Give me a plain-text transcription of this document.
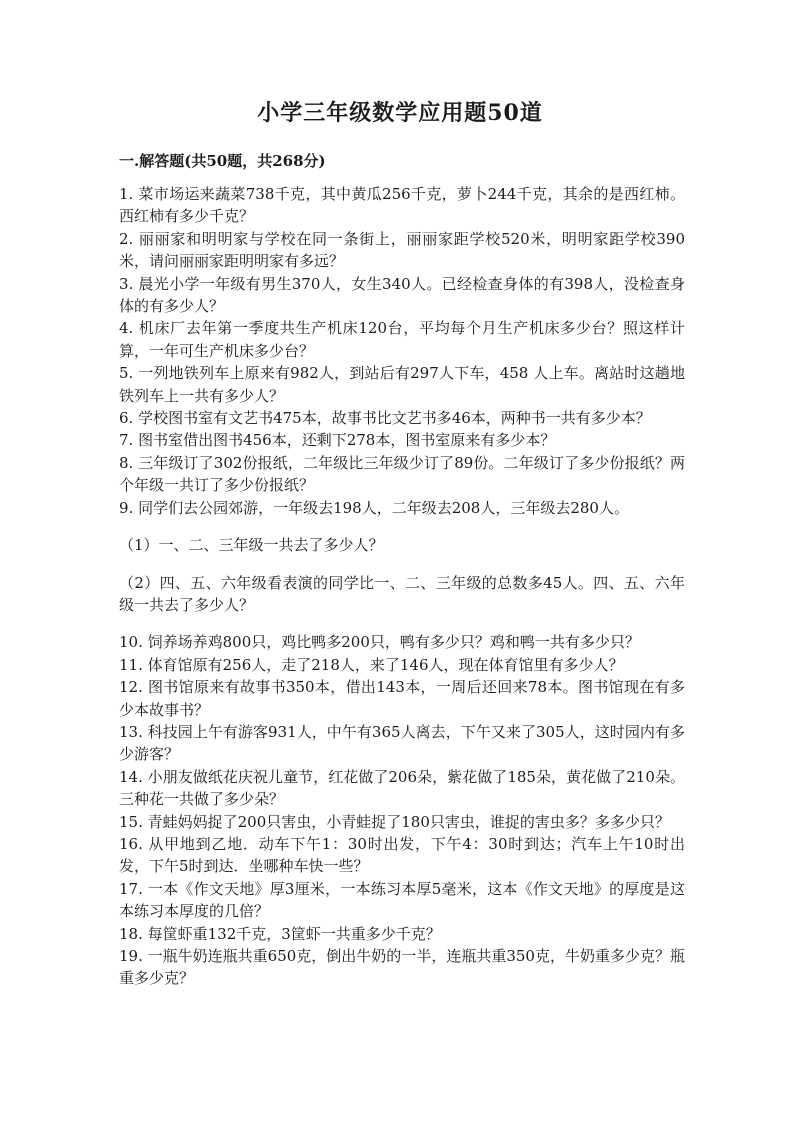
小学三年级数学应用题50道
一.解答题(共50题，共268分)

1. 菜市场运来蔬菜738千克，其中黄瓜256千克，萝卜244千克，其余的是西红柿。西红柿有多少千克？

2. 丽丽家和明明家与学校在同一条街上，丽丽家距学校520米，明明家距学校390米，请问丽丽家距明明家有多远？

3. 晨光小学一年级有男生370人，女生340人。已经检查身体的有398人，没检查身体的有多少人？

4. 机床厂去年第一季度共生产机床120台，平均每个月生产机床多少台？照这样计算，一年可生产机床多少台？

5. 一列地铁列车上原来有982人，到站后有297人下车，458 人上车。离站时这趟地铁列车上一共有多少人？

6. 学校图书室有文艺书475本，故事书比文艺书多46本，两种书一共有多少本？

7. 图书室借出图书456本，还剩下278本，图书室原来有多少本？

8. 三年级订了302份报纸，二年级比三年级少订了89份。二年级订了多少份报纸？两个年级一共订了多少份报纸？

9. 同学们去公园郊游，一年级去198人，二年级去208人，三年级去280人。

（1）一、二、三年级一共去了多少人？

（2）四、五、六年级看表演的同学比一、二、三年级的总数多45人。四、五、六年级一共去了多少人？

10. 饲养场养鸡800只，鸡比鸭多200只，鸭有多少只？鸡和鸭一共有多少只？

11. 体育馆原有256人，走了218人，来了146人，现在体育馆里有多少人？

12. 图书馆原来有故事书350本，借出143本，一周后还回来78本。图书馆现在有多少本故事书？

13. 科技园上午有游客931人，中午有365人离去，下午又来了305人，这时园内有多少游客？

14. 小朋友做纸花庆祝儿童节，红花做了206朵，紫花做了185朵，黄花做了210朵。三种花一共做了多少朵？

15. 青蛙妈妈捉了200只害虫，小青蛙捉了180只害虫，谁捉的害虫多？多多少只？

16. 从甲地到乙地．动车下午1：30时出发，下午4：30时到达；汽车上午10时出发，下午5时到达．坐哪种车快一些？

17. 一本《作文天地》厚3厘米，一本练习本厚5毫米，这本《作文天地》的厚度是这本练习本厚度的几倍？

18. 每筐虾重132千克，3筐虾一共重多少千克？

19. 一瓶牛奶连瓶共重650克，倒出牛奶的一半，连瓶共重350克，牛奶重多少克？瓶重多少克？
